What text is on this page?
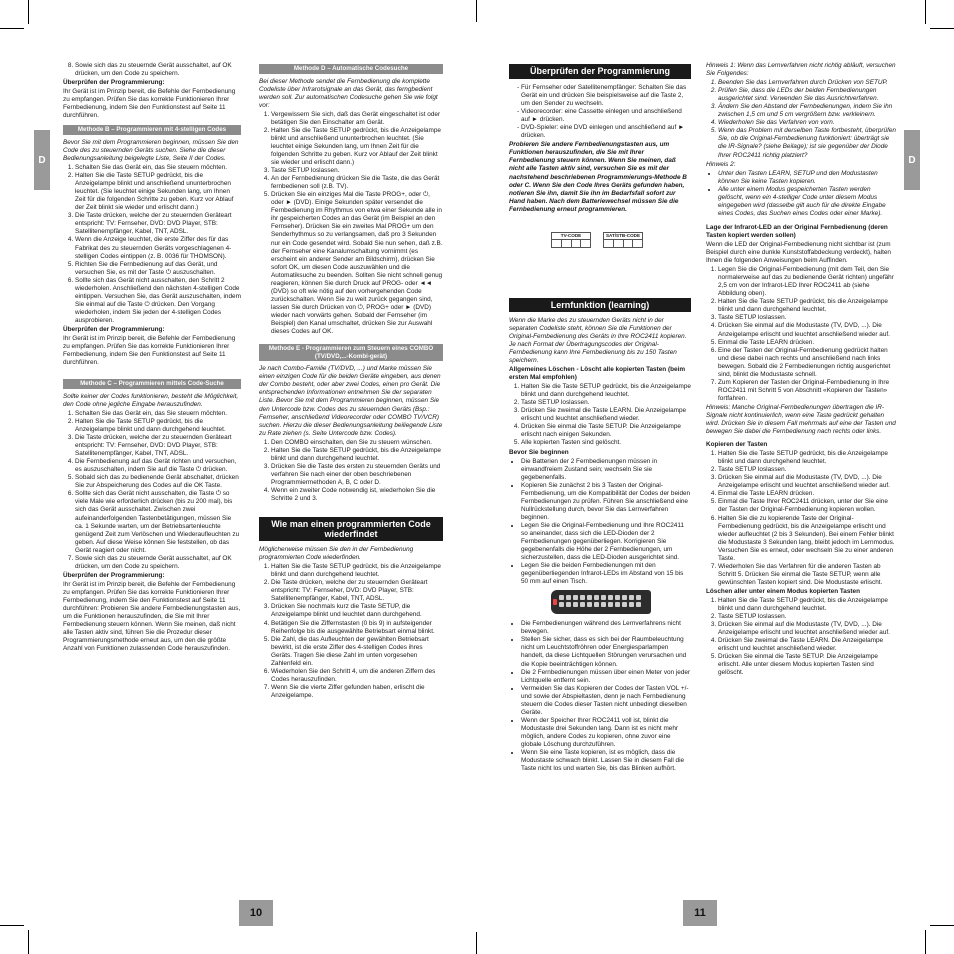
D	D
10	11
8. Sowie sich das zu steuernde Gerät ausschaltet, auf OK drücken, um den Code zu speichern.

Überprüfen der Programmierung:

Ihr Gerät ist im Prinzip bereit, die Befehle der Fernbedienung zu empfangen. Prüfen Sie das korrekte Funktionieren Ihrer Fernbedienung, indem Sie den Funktionstest auf Seite 11 durchführen.

Methode B – Programmieren mit 4-stelligen Codes

Bevor Sie mit dem Programmieren beginnen, müssen Sie den Code des zu steuernden Geräts suchen. Siehe die dieser Bedienungsanleitung beigelegte Liste, Seite II der Codes.

1. Schalten Sie das Gerät ein, das Sie steuern möchten.
2. Halten Sie die Taste SETUP gedrückt, bis die Anzeigelampe blinkt und anschließend ununterbrochen leuchtet. (Sie leuchtet einige Sekunden lang, um Ihnen Zeit für die folgenden Schritte zu geben. Kurz vor Ablauf der Zeit blinkt sie wieder und erlischt dann.)
3. Die Taste drücken, welche der zu steuernden Geräteart entspricht: TV: Fernseher, DVD: DVD Player, STB: Satellitenempfänger, Kabel, TNT, ADSL.
4. Wenn die Anzeige leuchtet, die erste Ziffer des für das Fabrikat des zu steuernden Geräts vorgeschlagenen 4-stelligen Codes eintippen (z. B. 0036 für THOMSON).
5. Richten Sie die Fernbedienung auf das Gerät, und versuchen Sie, es mit der Taste ⏻ auszuschalten.
6. Sollte sich das Gerät nicht ausschalten, den Schritt 2 wiederholen. Anschließend den nächsten 4-stelligen Code eintippen. Versuchen Sie, das Gerät auszuschalten, indem Sie einmal auf die Taste ⏻ drücken. Den Vorgang wiederholen, indem Sie jeden der 4-stelligen Codes ausprobieren.

Überprüfen der Programmierung:

Ihr Gerät ist im Prinzip bereit, die Befehle der Fernbedienung zu empfangen. Prüfen Sie das korrekte Funktionieren Ihrer Fernbedienung, indem Sie den Funktionstest auf Seite 11 durchführen.

Methode C – Programmieren mittels Code-Suche

Sollte keiner der Codes funktionieren, besteht die Möglichkeit, den Code ohne jegliche Eingabe herauszufinden.

1. Schalten Sie das Gerät ein, das Sie steuern möchten.
2. Halten Sie die Taste SETUP gedrückt, bis die Anzeigelampe blinkt und dann durchgehend leuchtet.
3. Die Taste drücken, welche der zu steuernden Geräteart entspricht: TV: Fernseher, DVD: DVD Player, STB: Satellitenempfänger, Kabel, TNT, ADSL.
4. Die Fernbedienung auf das Gerät richten und versuchen, es auszuschalten, indem Sie auf die Taste ⏻ drücken.
5. Sobald sich das zu bedienende Gerät abschaltet, drücken Sie zur Abspeicherung des Codes auf die OK Taste.
6. Sollte sich das Gerät nicht ausschalten, die Taste ⏻ so viele Male wie erforderlich drücken (bis zu 200 mal), bis sich das Gerät ausschaltet. Zwischen zwei aufeinanderfolgenden Tastenbetätigungen, müssen Sie ca. 1 Sekunde warten, um der Betriebsartenleuchte genügend Zeit zum Verlöschen und Wiederaufleuchten zu geben. Auf diese Weise können Sie feststellen, ob das Gerät reagiert oder nicht.
7. Sowie sich das zu steuernde Gerät ausschaltet, auf OK drücken, um den Code zu speichern.

Überprüfen der Programmierung:

Ihr Gerät ist im Prinzip bereit, die Befehle der Fernbedienung zu empfangen. Prüfen Sie das korrekte Funktionieren Ihrer Fernbedienung, indem Sie den Funktionstest auf Seite 11 durchführen: Probieren Sie andere Fernbedienungstasten aus, um die Funktionen herauszufinden, die Sie mit Ihrer Fernbedienung steuern können. Wenn Sie meinen, daß nicht alle Tasten aktiv sind, führen Sie die Prozedur dieser Programmierungsmethode erneut aus, um den die größte Anzahl von Funktionen zulassenden Code herauszufinden.

Methode D – Automatische Codesuche

Bei dieser Methode sendet die Fernbedienung die komplette Codeliste über Infrarotsignale an das Gerät, das ferngbedient werden soll. Zur automatischen Codesuche gehen Sie wie folgt vor:

1. Vergewissern Sie sich, daß das Gerät eingeschaltet ist oder betätigen Sie den Einschalter am Gerät.
2. Halten Sie die Taste SETUP gedrückt, bis die Anzeigelampe blinkt und anschließend ununterbrochen leuchtet. (Sie leuchtet einige Sekunden lang, um Ihnen Zeit für die folgenden Schritte zu geben. Kurz vor Ablauf der Zeit blinkt sie wieder und erlischt dann.)
3. Taste SETUP loslassen.
4. An der Fernbedienung drücken Sie die Taste, die das Gerät fernbedienen soll (z.B. TV).
5. Drücken Sie ein einziges Mal die Taste PROG+, oder ⏻, oder ► (DVD). Einige Sekunden später versendet die Fernbedienung im Rhythmus von etwa einer Sekunde alle in ihr gespeicherten Codes an das Gerät (im Beispiel an den Fernseher). Drücken Sie ein zweites Mal PROG+ um den Senderhythmus so zu verlangsamen, daß pro 3 Sekunden nur ein Code gesendet wird. Sobald Sie nun sehen, daß z.B. der Fernseher eine Kanalumschaltung vornimmt (es erscheint ein anderer Sender am Bildschirm), drücken Sie sofort OK, um diesen Code auszuwählen und die Automatiksuche zu beenden. Sollten Sie nicht schnell genug reagieren, können Sie durch Druck auf PROG- oder ◄◄ (DVD) so oft wie nötig auf den vorhergehenden Code zurückschalten. Wenn Sie zu weit zurück gegangen sind, lassen Sie durch Drücken von ⏻, PROG+ oder ► (DVD) wieder nach vorwärts gehen. Sobald der Fernseher (im Beispiel) den Kanal umschaltet, drücken Sie zur Auswahl dieses Codes auf OK.
Methode E - Programmieren zum Steuern eines COMBO (TV/DVD,...-Kombi-gerät)

Je nach Combo-Familie (TV/DVD, ...) und Marke müssen Sie einen einzigen Code für die beiden Geräte eingeben, aus denen der Combo besteht, oder aber zwei Codes, einen pro Gerät. Die entsprechenden Informationen entnehmen Sie der separaten Liste. Bevor Sie mit dem Programmieren beginnen, müssen Sie den Untercode bzw. Codes des zu steuernden Geräts (Bsp.: Fernseher, anschließend Videorecorder oder COMBO TV/VCR) suchen. Hierzu die dieser Bedienungsanleitung beiliegende Liste zu Rate ziehen (s. Seite Untercode bzw. Codes).

1. Den COMBO einschalten, den Sie zu steuern wünschen.
2. Halten Sie die Taste SETUP gedrückt, bis die Anzeigelampe blinkt und dann durchgehend leuchtet.
3. Drücken Sie die Taste des ersten zu steuernden Geräts und verfahren Sie nach einer der oben beschriebenen Programmiermethoden A, B, C oder D.
4. Wenn ein zweiter Code notwendig ist, wiederholen Sie die Schritte 2 und 3.
Wie man einen programmierten Code wiederfindet

Möglicherweise müssen Sie den in der Fernbedienung programmierten Code wiederfinden.

1. Halten Sie die Taste SETUP gedrückt, bis die Anzeigelampe blinkt und dann durchgehend leuchtet.
2. Die Taste drücken, welche der zu steuernden Geräteart entspricht: TV: Fernseher, DVD: DVD Player, STB: Satellitenempfänger, Kabel, TNT, ADSL.
3. Drücken Sie nochmals kurz die Taste SETUP, die Anzeigelampe blinkt und leuchtet dann durchgehend.
4. Betätigen Sie die Ziffernstasten (0 bis 9) in aufsteigender Reihenfolge bis die ausgewählte Betriebsart einmal blinkt.
5. Die Zahl, die das Aufleuchten der gewählten Betriebsart bewirkt, ist die erste Ziffer des 4-stelligen Codes ihres Geräts. Tragen Sie diese Zahl im unten vorgesehen Zahlenfeld ein.
6. Wiederholen Sie den Schritt 4, um die anderen Ziffern des Codes herauszufinden.
7. Wenn Sie die vierte Ziffer gefunden haben, erlischt die Anzeigelampe.
Überprüfen der Programmierung
- Für Fernseher oder Satellitenempfänger: Schalten Sie das Gerät ein und drücken Sie beispielsweise auf die Taste 2, um den Sender zu wechseln.
- Videorecorder: eine Cassette einlegen und anschließend auf ► drücken.
- DVD-Spieler: eine DVD einlegen und anschließend auf ► drücken.

Probieren Sie andere Fernbedienungstasten aus, um Funktionen herauszufinden, die Sie mit Ihrer Fernbedienung steuern können. Wenn Sie meinen, daß nicht alle Tasten aktiv sind, versuchen Sie es mit der nachstehend beschriebenen Programmierungs-Methode B oder C. Wenn Sie den Code Ihres Geräts gefunden haben, notieren Sie ihn, damit Sie ihn im Bedarfsfall sofort zur Hand haben. Nach dem Batteriewechsel müssen Sie die Fernbedienung erneut programmieren.

TV-CODE	SAT/STB-CODE
Lernfunktion (learning)

Wenn die Marke des zu steuernden Geräts nicht in der separaten Codeliste steht, können Sie die Funktionen der Original-Fernbedienung des Geräts in Ihre ROC2411 kopieren. Je nach Format der Übertragungscodes der Original-Fernbedienung kann Ihre Fernbedienung bis zu 150 Tasten speichern.

Allgemeines Löschen - Löscht alle kopierten Tasten (beim ersten Mal empfohlen)

1. Halten Sie die Taste SETUP gedrückt, bis die Anzeigelampe blinkt und dann durchgehend leuchtet.
2. Taste SETUP loslassen.
3. Drücken Sie zweimal die Taste LEARN. Die Anzeigelampe erlischt und leuchtet anschließend wieder.
4. Drücken Sie einmal die Taste SETUP. Die Anzeigelampe erlischt nach einigen Sekunden.
5. Alle kopierten Tasten sind gelöscht.

Bevor Sie beginnen

• Die Batterien der 2 Fernbedienungen müssen in einwandfreiem Zustand sein; wechseln Sie sie gegebenenfalls.
• Kopieren Sie zunächst 2 bis 3 Tasten der Original-Fernbedienung, um die Kompatibilität der Codes der beiden Fernbedienungen zu prüfen. Führen Sie anschließend eine Nullrückstellung durch, bevor Sie das Lernverfahren beginnen.
• Legen Sie die Original-Fernbedienung und Ihre ROC2411 so aneinander, dass sich die LED-Dioden der 2 Fernbedienungen gegenüberliegen. Korrigieren Sie gegebenenfalls die Höhe der 2 Fernbedienungen, um sicherzustellen, dass die LED-Dioden ausgerichtet sind.
• Legen Sie die beiden Fernbedienungen mit den gegenüberliegenden Infrarot-LEDs im Abstand von 15 bis 50 mm auf einen Tisch.
• Die Fernbedienungen während des Lernverfahrens nicht bewegen.
• Stellen Sie sicher, dass es sich bei der Raumbeleuchtung nicht um Leuchtstoffröhren oder Energiesparlampen handelt, da diese Lichtquellen Störungen verursachen und die Kopie beeinträchtigen können.
• Die 2 Fernbedienungen müssen über einen Meter von jeder Lichtquelle entfernt sein.
• Vermeiden Sie das Kopieren der Codes der Tasten VOL +/- und sowie der Abspieltasten, denn je nach Fernbedienung steuern die Codes dieser Tasten nicht unbedingt dieselben Geräte.
• Wenn der Speicher Ihrer ROC2411 voll ist, blinkt die Modustaste drei Sekunden lang. Dann ist es nicht mehr möglich, andere Codes zu kopieren, ohne zuvor eine globale Löschung durchzuführen.
• Wenn Sie eine Taste kopieren, ist es möglich, dass die Modustaste schwach blinkt. Lassen Sie in diesem Fall die Taste nicht los und warten Sie, bis das Blinken aufhört.

Hinweis 1: Wenn das Lernverfahren nicht richtig abläuft, versuchen Sie Folgendes:

1. Beenden Sie das Lernverfahren durch Drücken von SETUP.
2. Prüfen Sie, dass die LEDs der beiden Fernbedienungen ausgerichtet sind. Verwenden Sie das Ausrichtverfahren.
3. Ändern Sie den Abstand der Fernbedienungen, indem Sie ihn zwischen 1,5 cm und 5 cm vergrößern bzw. verkleinern.
4. Wiederholen Sie das Verfahren von vorn.
5. Wenn das Problem mit derselben Taste fortbesteht, überprüfen Sie, ob die Original-Fernbedienung funktioniert: überträgt sie die IR-Signale? (siehe Beilage); ist sie gegenüber der Diode Ihrer ROC2411 richtig platziert?

Hinweis 2:

• Unter den Tasten LEARN, SETUP und den Modustasten können Sie keine Tasten kopieren.
• Alle unter einem Modus gespeicherten Tasten werden gelöscht, wenn ein 4-stelliger Code unter diesem Modus eingegeben wird (dasselbe gilt auch für die direkte Eingabe eines Codes, das Suchen eines Codes oder einer Marke).

Lage der Infrarot-LED an der Original Fernbedienung (deren Tasten kopiert werden sollen)

Wenn die LED der Original-Fernbedienung nicht sichtbar ist (zum Beispiel durch eine dunkle Kunststoffabdeckung verdeckt), halten Ihnen die folgenden Anweisungen beim Auffinden.

1. Legen Sie die Original-Fernbedienung (mit dem Teil, den Sie normalerweise auf das zu bedienende Gerät richten) ungefähr 2,5 cm von der Infrarot-LED Ihrer ROC2411 ab (siehe Abbildung oben).
2. Halten Sie die Taste SETUP gedrückt, bis die Anzeigelampe blinkt und dann durchgehend leuchtet.
3. Taste SETUP loslassen.
4. Drücken Sie einmal auf die Modustaste (TV, DVD, ...). Die Anzeigelampe erlischt und leuchtet anschließend wieder auf.
5. Einmal die Taste LEARN drücken.
6. Eine der Tasten der Original-Fernbedienung gedrückt halten und diese dabei nach rechts und anschließend nach links bewegen. Sobald die 2 Fernbedienungen richtig ausgerichtet sind, blinkt die Modustaste schnell.
7. Zum Kopieren der Tasten der Original-Fernbedienung in Ihre ROC2411 mit Schritt 5 von Abschnitt «Kopieren der Tasten» fortfahren.

Hinweis: Manche Original-Fernbedienungen übertragen die IR-Signale nicht kontinuierlich, wenn eine Taste gedrückt gehalten wird. Drücken Sie in diesem Fall mehrmals auf eine der Tasten und bewegen Sie dabei die Fernbedienung nach rechts oder links.

Kopieren der Tasten

1. Halten Sie die Taste SETUP gedrückt, bis die Anzeigelampe blinkt und dann durchgehend leuchtet.
2. Taste SETUP loslassen.
3. Drücken Sie einmal auf die Modustaste (TV, DVD, ...). Die Anzeigelampe erlischt und leuchtet anschließend wieder auf.
4. Einmal die Taste LEARN drücken.
5. Einmal die Taste Ihrer ROC2411 drücken, unter der Sie eine der Tasten der Original-Fernbedienung kopieren wollen.
6. Halten Sie die zu kopierende Taste der Original-Fernbedienung gedrückt, bis die Anzeigelampe erlischt und wieder aufleuchtet (2 bis 3 Sekunden). Bei einem Fehler blinkt die Modustaste 3 Sekunden lang, bleibt jedoch im Lernmodus. Versuchen Sie es erneut, oder wechseln Sie zu einer anderen Taste.
7. Wiederholen Sie das Verfahren für die anderen Tasten ab Schritt 5. Drücken Sie einmal die Taste SETUP, wenn alle gewünschten Tasten kopiert sind. Die Modustaste erlischt.

Löschen aller unter einem Modus kopierten Tasten

1. Halten Sie die Taste SETUP gedrückt, bis die Anzeigelampe blinkt und dann durchgehend leuchtet.
2. Taste SETUP loslassen.
3. Drücken Sie einmal auf die Modustaste (TV, DVD, ...). Die Anzeigelampe erlischt und leuchtet anschließend wieder auf.
4. Drücken Sie zweimal die Taste LEARN. Die Anzeigelampe erlischt und leuchtet anschließend wieder.
5. Drücken Sie einmal die Taste SETUP. Die Anzeigelampe erlischt. Alle unter diesem Modus kopierten Tasten sind gelöscht.
